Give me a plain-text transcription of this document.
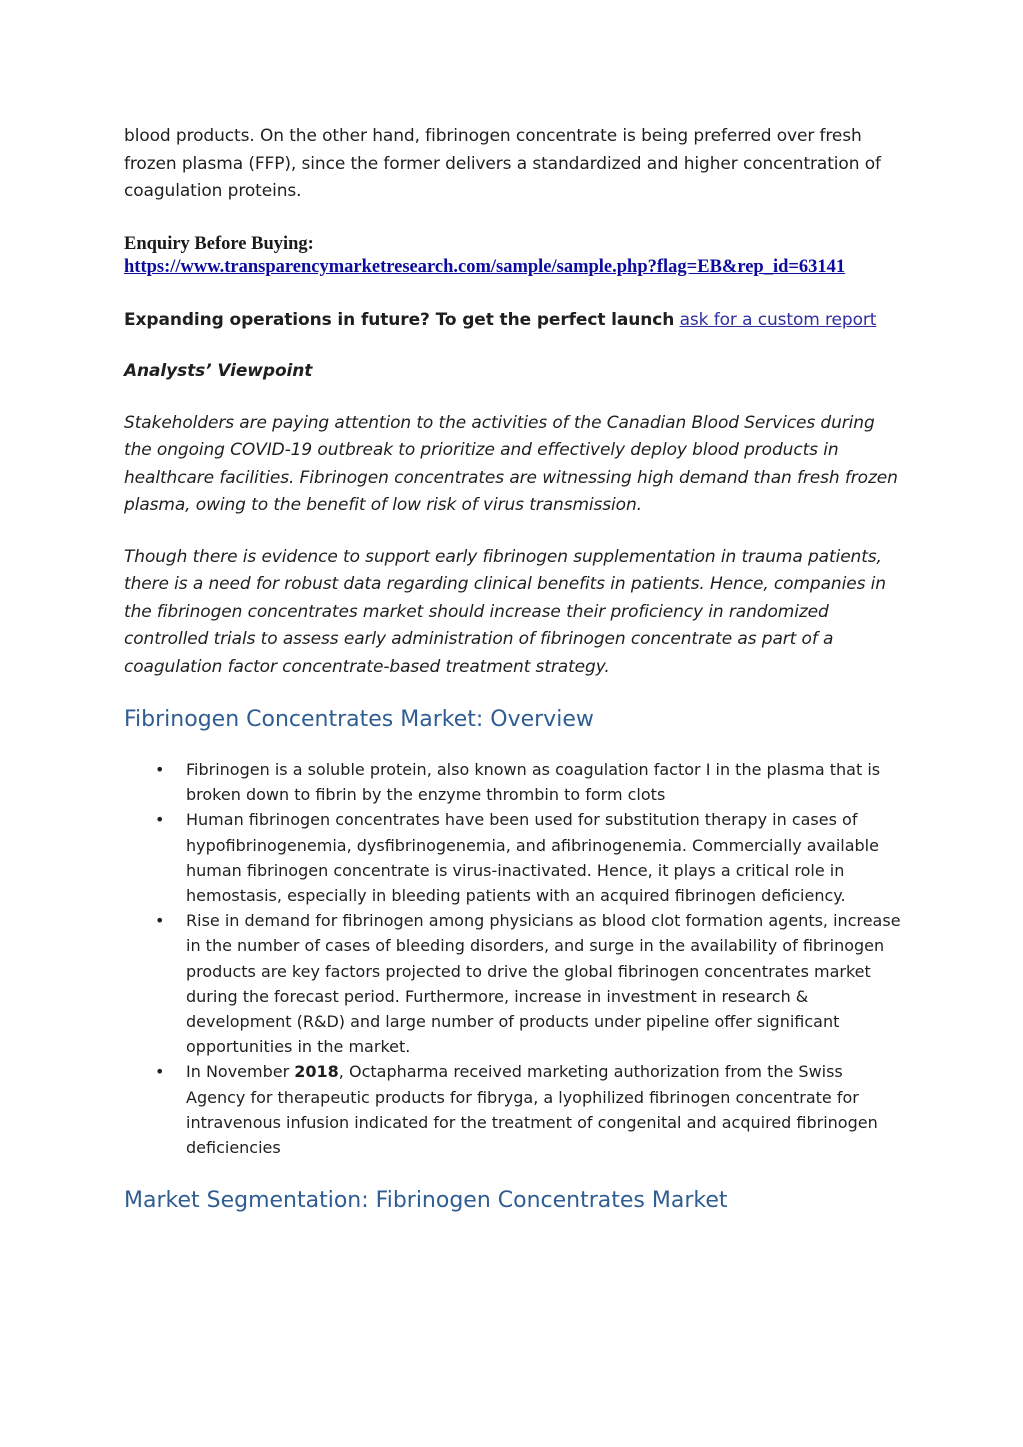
blood products. On the other hand, fibrinogen concentrate is being preferred over fresh frozen plasma (FFP), since the former delivers a standardized and higher concentration of coagulation proteins.

Enquiry Before Buying:
https://www.transparencymarketresearch.com/sample/sample.php?flag=EB&rep_id=63141

Expanding operations in future? To get the perfect launch ask for a custom report

Analysts’ Viewpoint

Stakeholders are paying attention to the activities of the Canadian Blood Services during the ongoing COVID-19 outbreak to prioritize and effectively deploy blood products in healthcare facilities. Fibrinogen concentrates are witnessing high demand than fresh frozen plasma, owing to the benefit of low risk of virus transmission.

Though there is evidence to support early fibrinogen supplementation in trauma patients, there is a need for robust data regarding clinical benefits in patients. Hence, companies in the fibrinogen concentrates market should increase their proficiency in randomized controlled trials to assess early administration of fibrinogen concentrate as part of a coagulation factor concentrate-based treatment strategy.

Fibrinogen Concentrates Market: Overview
• Fibrinogen is a soluble protein, also known as coagulation factor I in the plasma that is broken down to fibrin by the enzyme thrombin to form clots
• Human fibrinogen concentrates have been used for substitution therapy in cases of hypofibrinogenemia, dysfibrinogenemia, and afibrinogenemia. Commercially available human fibrinogen concentrate is virus-inactivated. Hence, it plays a critical role in hemostasis, especially in bleeding patients with an acquired fibrinogen deficiency.
• Rise in demand for fibrinogen among physicians as blood clot formation agents, increase in the number of cases of bleeding disorders, and surge in the availability of fibrinogen products are key factors projected to drive the global fibrinogen concentrates market during the forecast period. Furthermore, increase in investment in research & development (R&D) and large number of products under pipeline offer significant opportunities in the market.
• In November 2018, Octapharma received marketing authorization from the Swiss Agency for therapeutic products for fibryga, a lyophilized fibrinogen concentrate for intravenous infusion indicated for the treatment of congenital and acquired fibrinogen deficiencies
Market Segmentation: Fibrinogen Concentrates Market
